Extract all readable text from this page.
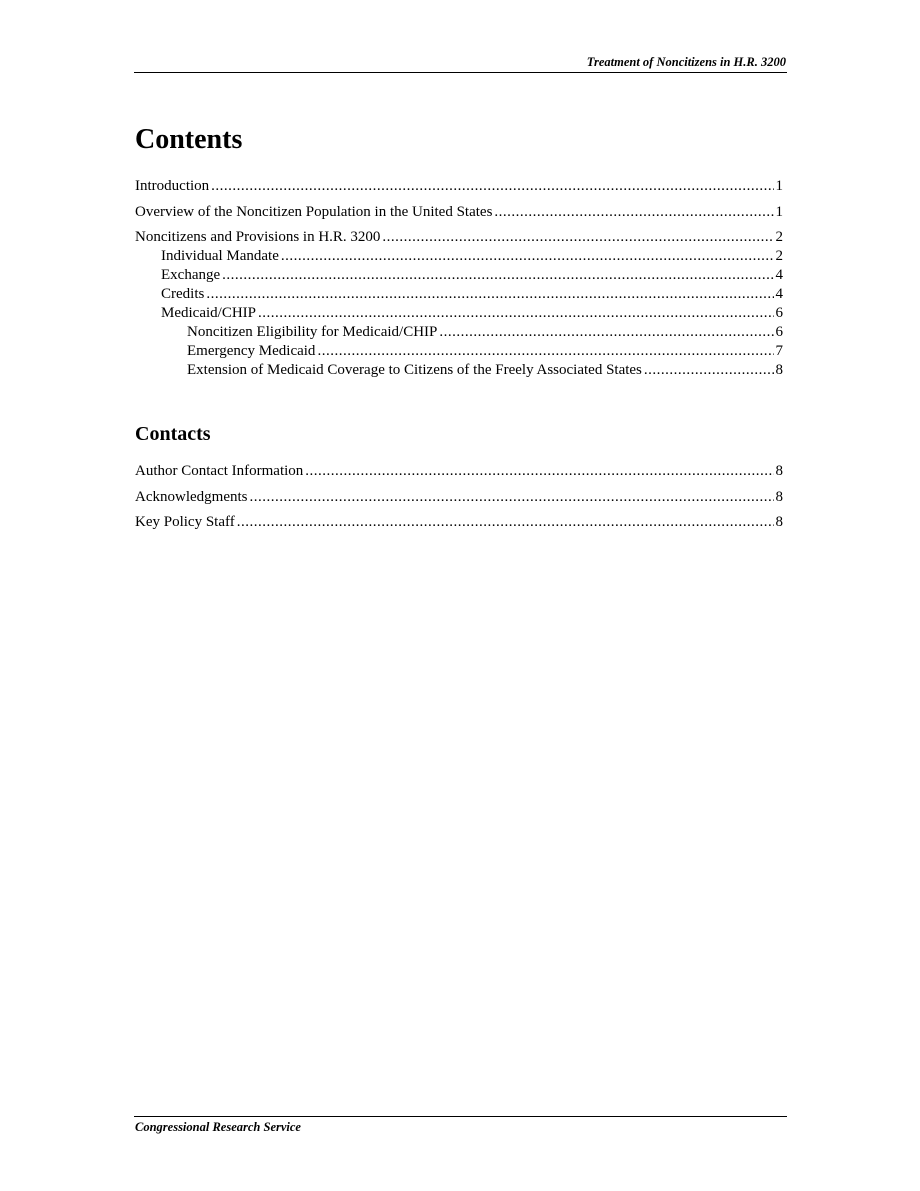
Treatment of Noncitizens in H.R. 3200
Contents
Introduction .....	1
Overview of the Noncitizen Population in the United States .....	1
Noncitizens and Provisions in H.R. 3200 .....	2
Individual Mandate .....	2
Exchange .....	4
Credits .....	4
Medicaid/CHIP .....	6
Noncitizen Eligibility for Medicaid/CHIP .....	6
Emergency Medicaid .....	7
Extension of Medicaid Coverage to Citizens of the Freely Associated States .....	8
Contacts
Author Contact Information .....	8
Acknowledgments .....	8
Key Policy Staff .....	8
Congressional Research Service
